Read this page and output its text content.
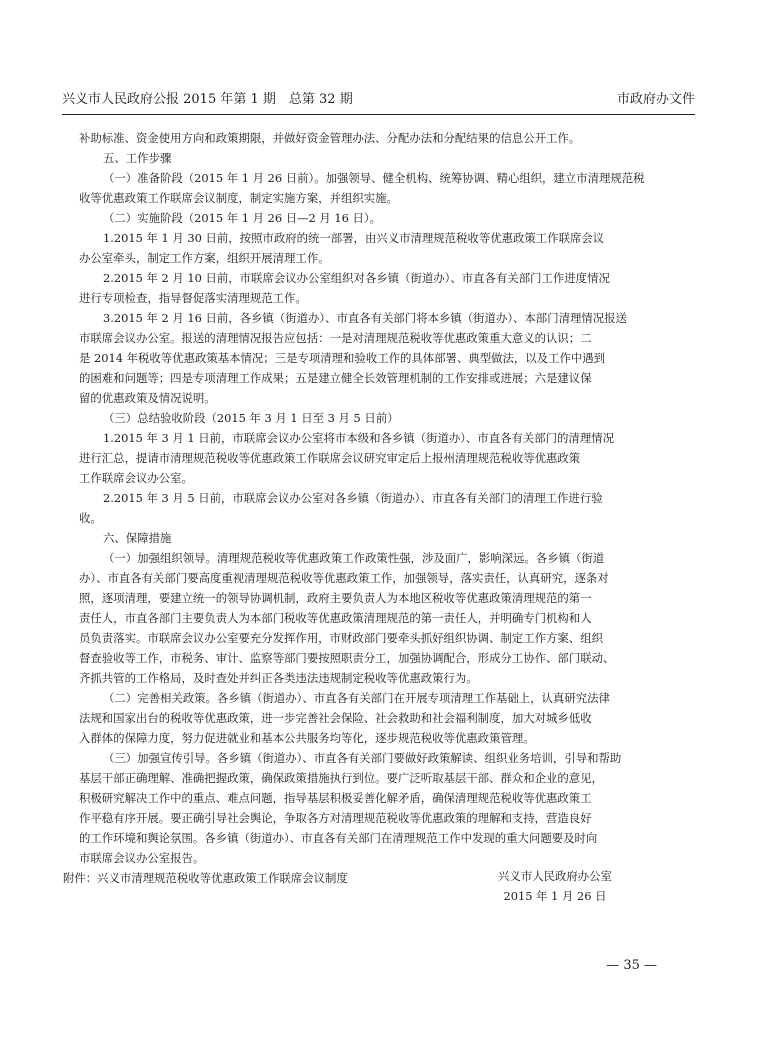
兴义市人民政府公报 2015 年第 1 期　总第 32 期	市政府办文件

补助标准、资金使用方向和政策期限，并做好资金管理办法、分配办法和分配结果的信息公开工作。

五、工作步骤

（一）准备阶段（2015 年 1 月 26 日前）。加强领导、健全机构、统筹协调、精心组织，建立市清理规范税

收等优惠政策工作联席会议制度，制定实施方案，并组织实施。

（二）实施阶段（2015 年 1 月 26 日—2 月 16 日）。

1.2015 年 1 月 30 日前，按照市政府的统一部署，由兴义市清理规范税收等优惠政策工作联席会议

办公室牵头，制定工作方案，组织开展清理工作。

2.2015 年 2 月 10 日前，市联席会议办公室组织对各乡镇（街道办）、市直各有关部门工作进度情况

进行专项检查，指导督促落实清理规范工作。

3.2015 年 2 月 16 日前，各乡镇（街道办）、市直各有关部门将本乡镇（街道办）、本部门清理情况报送

市联席会议办公室。报送的清理情况报告应包括：一是对清理规范税收等优惠政策重大意义的认识；二

是 2014 年税收等优惠政策基本情况；三是专项清理和验收工作的具体部署、典型做法，以及工作中遇到

的困难和问题等；四是专项清理工作成果；五是建立健全长效管理机制的工作安排或进展；六是建议保

留的优惠政策及情况说明。

（三）总结验收阶段（2015 年 3 月 1 日至 3 月 5 日前）

1.2015 年 3 月 1 日前，市联席会议办公室将市本级和各乡镇（街道办）、市直各有关部门的清理情况

进行汇总，提请市清理规范税收等优惠政策工作联席会议研究审定后上报州清理规范税收等优惠政策

工作联席会议办公室。

2.2015 年 3 月 5 日前，市联席会议办公室对各乡镇（街道办）、市直各有关部门的清理工作进行验

收。

六、保障措施

（一）加强组织领导。清理规范税收等优惠政策工作政策性强，涉及面广，影响深远。各乡镇（街道

办）、市直各有关部门要高度重视清理规范税收等优惠政策工作，加强领导，落实责任，认真研究，逐条对

照，逐项清理，要建立统一的领导协调机制，政府主要负责人为本地区税收等优惠政策清理规范的第一

责任人，市直各部门主要负责人为本部门税收等优惠政策清理规范的第一责任人，并明确专门机构和人

员负责落实。市联席会议办公室要充分发挥作用，市财政部门要牵头抓好组织协调、制定工作方案、组织

督查验收等工作，市税务、审计、监察等部门要按照职责分工，加强协调配合，形成分工协作、部门联动、

齐抓共管的工作格局，及时查处并纠正各类违法违规制定税收等优惠政策行为。

（二）完善相关政策。各乡镇（街道办）、市直各有关部门在开展专项清理工作基础上，认真研究法律

法规和国家出台的税收等优惠政策，进一步完善社会保险、社会救助和社会福利制度，加大对城乡低收

入群体的保障力度，努力促进就业和基本公共服务均等化，逐步规范税收等优惠政策管理。

（三）加强宣传引导。各乡镇（街道办）、市直各有关部门要做好政策解读、组织业务培训，引导和帮助

基层干部正确理解、准确把握政策，确保政策措施执行到位。要广泛听取基层干部、群众和企业的意见，

积极研究解决工作中的重点、难点问题，指导基层积极妥善化解矛盾，确保清理规范税收等优惠政策工

作平稳有序开展。要正确引导社会舆论，争取各方对清理规范税收等优惠政策的理解和支持，营造良好

的工作环境和舆论氛围。各乡镇（街道办）、市直各有关部门在清理规范工作中发现的重大问题要及时向

市联席会议办公室报告。

附件：兴义市清理规范税收等优惠政策工作联席会议制度	兴义市人民政府办公室
2015 年 1 月 26 日
— 35 —
